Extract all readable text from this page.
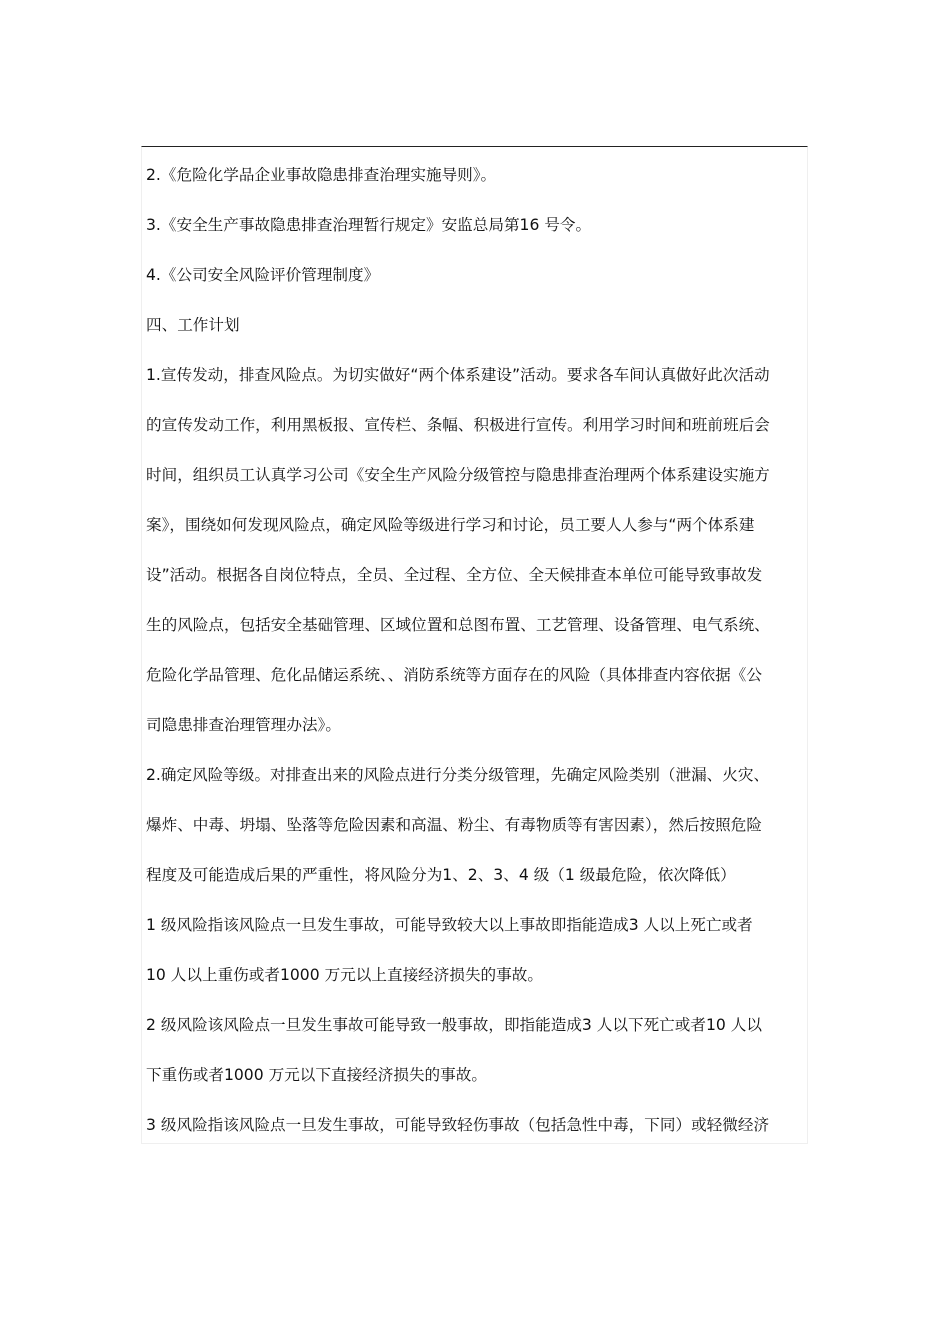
2.《危险化学品企业事故隐患排查治理实施导则》。
3.《安全生产事故隐患排查治理暂行规定》安监总局第16 号令。
4.《公司安全风险评价管理制度》
四、工作计划
1.宣传发动，排查风险点。为切实做好“两个体系建设”活动。要求各车间认真做好此次活动
的宣传发动工作，利用黑板报、宣传栏、条幅、积极进行宣传。利用学习时间和班前班后会
时间，组织员工认真学习公司《安全生产风险分级管控与隐患排查治理两个体系建设实施方
案》，围绕如何发现风险点，确定风险等级进行学习和讨论，员工要人人参与“两个体系建
设”活动。根据各自岗位特点，全员、全过程、全方位、全天候排查本单位可能导致事故发
生的风险点，包括安全基础管理、区域位置和总图布置、工艺管理、设备管理、电气系统、
危险化学品管理、危化品储运系统、、消防系统等方面存在的风险（具体排查内容依据《公
司隐患排查治理管理办法》。
2.确定风险等级。对排查出来的风险点进行分类分级管理，先确定风险类别（泄漏、火灾、
爆炸、中毒、坍塌、坠落等危险因素和高温、粉尘、有毒物质等有害因素），然后按照危险
程度及可能造成后果的严重性，将风险分为1、2、3、4 级（1 级最危险，依次降低）
1 级风险指该风险点一旦发生事故，可能导致较大以上事故即指能造成3 人以上死亡或者
10 人以上重伤或者1000 万元以上直接经济损失的事故。
2 级风险该风险点一旦发生事故可能导致一般事故，即指能造成3 人以下死亡或者10 人以
下重伤或者1000 万元以下直接经济损失的事故。
3 级风险指该风险点一旦发生事故，可能导致轻伤事故（包括急性中毒，下同）或轻微经济
